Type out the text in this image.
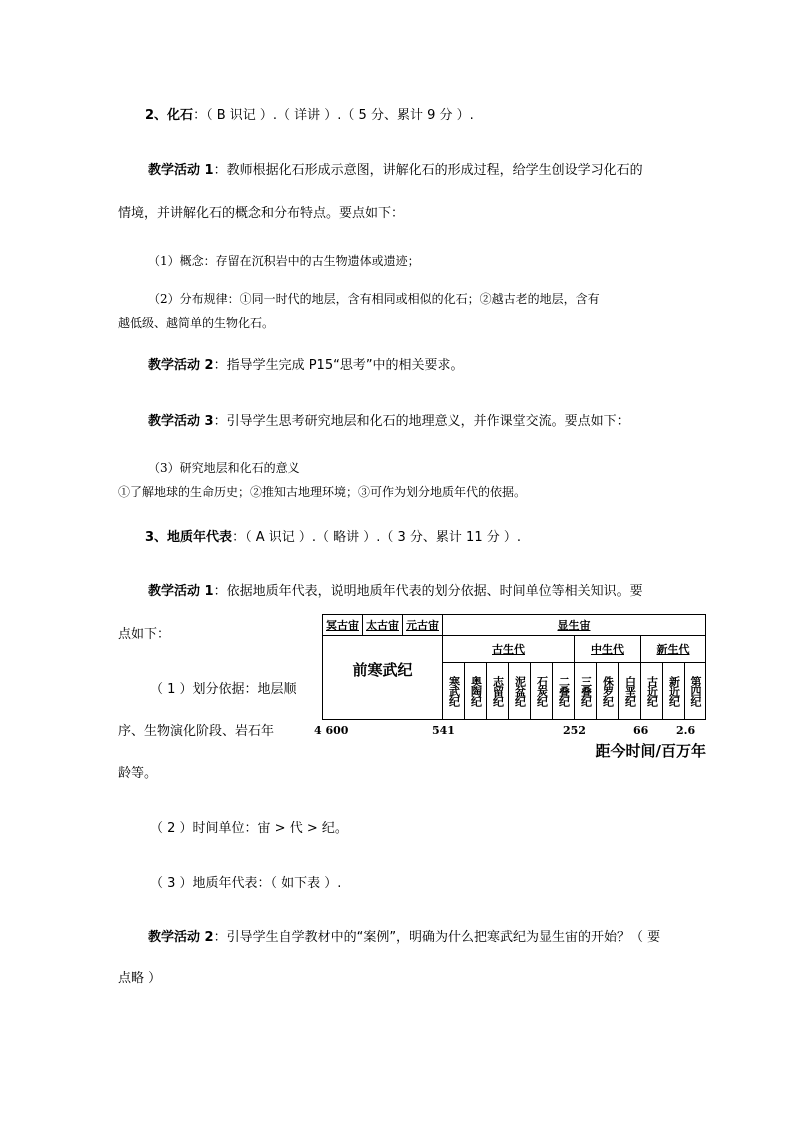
2、化石：（ B 识记 ）.（ 详讲 ）.（ 5 分、累计 9 分 ）.
教学活动 1：教师根据化石形成示意图，讲解化石的形成过程，给学生创设学习化石的
情境，并讲解化石的概念和分布特点。要点如下：
（1）概念：存留在沉积岩中的古生物遗体或遗迹；
（2）分布规律：①同一时代的地层，含有相同或相似的化石；②越古老的地层，含有
越低级、越简单的生物化石。
教学活动 2：指导学生完成 P15“思考”中的相关要求。
教学活动 3：引导学生思考研究地层和化石的地理意义，并作课堂交流。要点如下：
（3）研究地层和化石的意义
①了解地球的生命历史；②推知古地理环境；③可作为划分地质年代的依据。
3、地质年代表：（ A 识记 ）.（ 略讲 ）.（ 3 分、累计 11 分 ）.
教学活动 1：依据地质年代表，说明地质年代表的划分依据、时间单位等相关知识。要
点如下：
（ 1 ）划分依据：地层顺
序、生物演化阶段、岩石年
龄等。
（ 2 ）时间单位：宙 > 代 > 纪。
（ 3 ）地质年代表：（ 如下表 ）.
教学活动 2：引导学生自学教材中的“案例”，明确为什么把寒武纪为显生宙的开始？（ 要
点略 ）
冥古宙 太古宙 元古宙	显生宙
前寒武纪
古生代	中生代	新生代
寒武纪 奥陶纪 志留纪 泥盆纪 石炭纪 二叠纪 三叠纪 侏罗纪 白垩纪 古近纪 新近纪 第四纪
4 600	541	252	66	2.6
距今时间/百万年
